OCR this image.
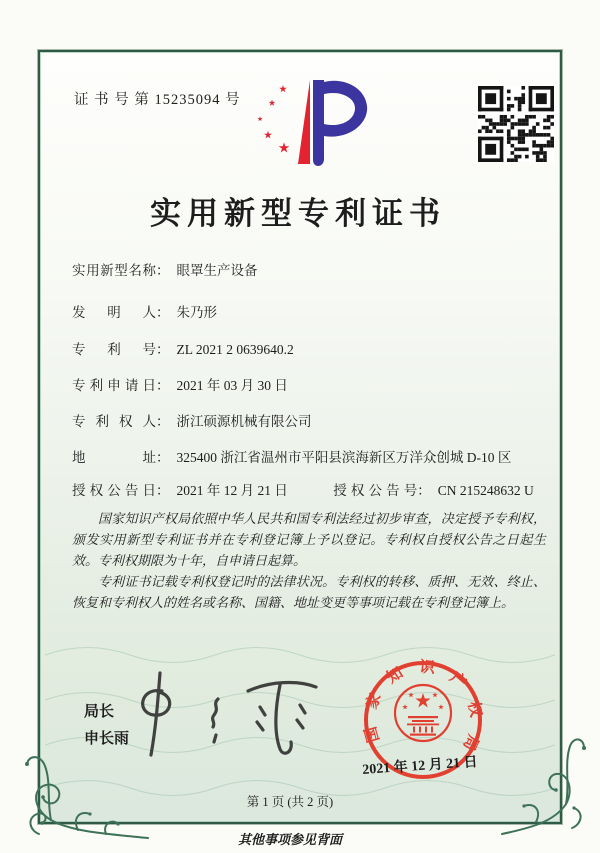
证 书 号 第 15235094 号
实用新型专利证书
实用新型名称： 眼罩生产设备
发明人： 朱乃形
专利号： ZL 2021 2 0639640.2
专利申请日： 2021 年 03 月 30 日
专利权人： 浙江硕源机械有限公司
地址： 325400 浙江省温州市平阳县滨海新区万洋众创城 D-10 区
授权公告日： 2021 年 12 月 21 日	授权公告号： CN 215248632 U

国家知识产权局依照中华人民共和国专利法经过初步审查，决定授予专利权，颁发实用新型专利证书并在专利登记簿上予以登记。专利权自授权公告之日起生效。专利权期限为十年，自申请日起算。

专利证书记载专利权登记时的法律状况。专利权的转移、质押、无效、终止、恢复和专利权人的姓名或名称、国籍、地址变更等事项记载在专利登记簿上。

局长
申长雨	国家知识产权局
2021 年 12 月 21 日
第 1 页 (共 2 页)
其他事项参见背面
